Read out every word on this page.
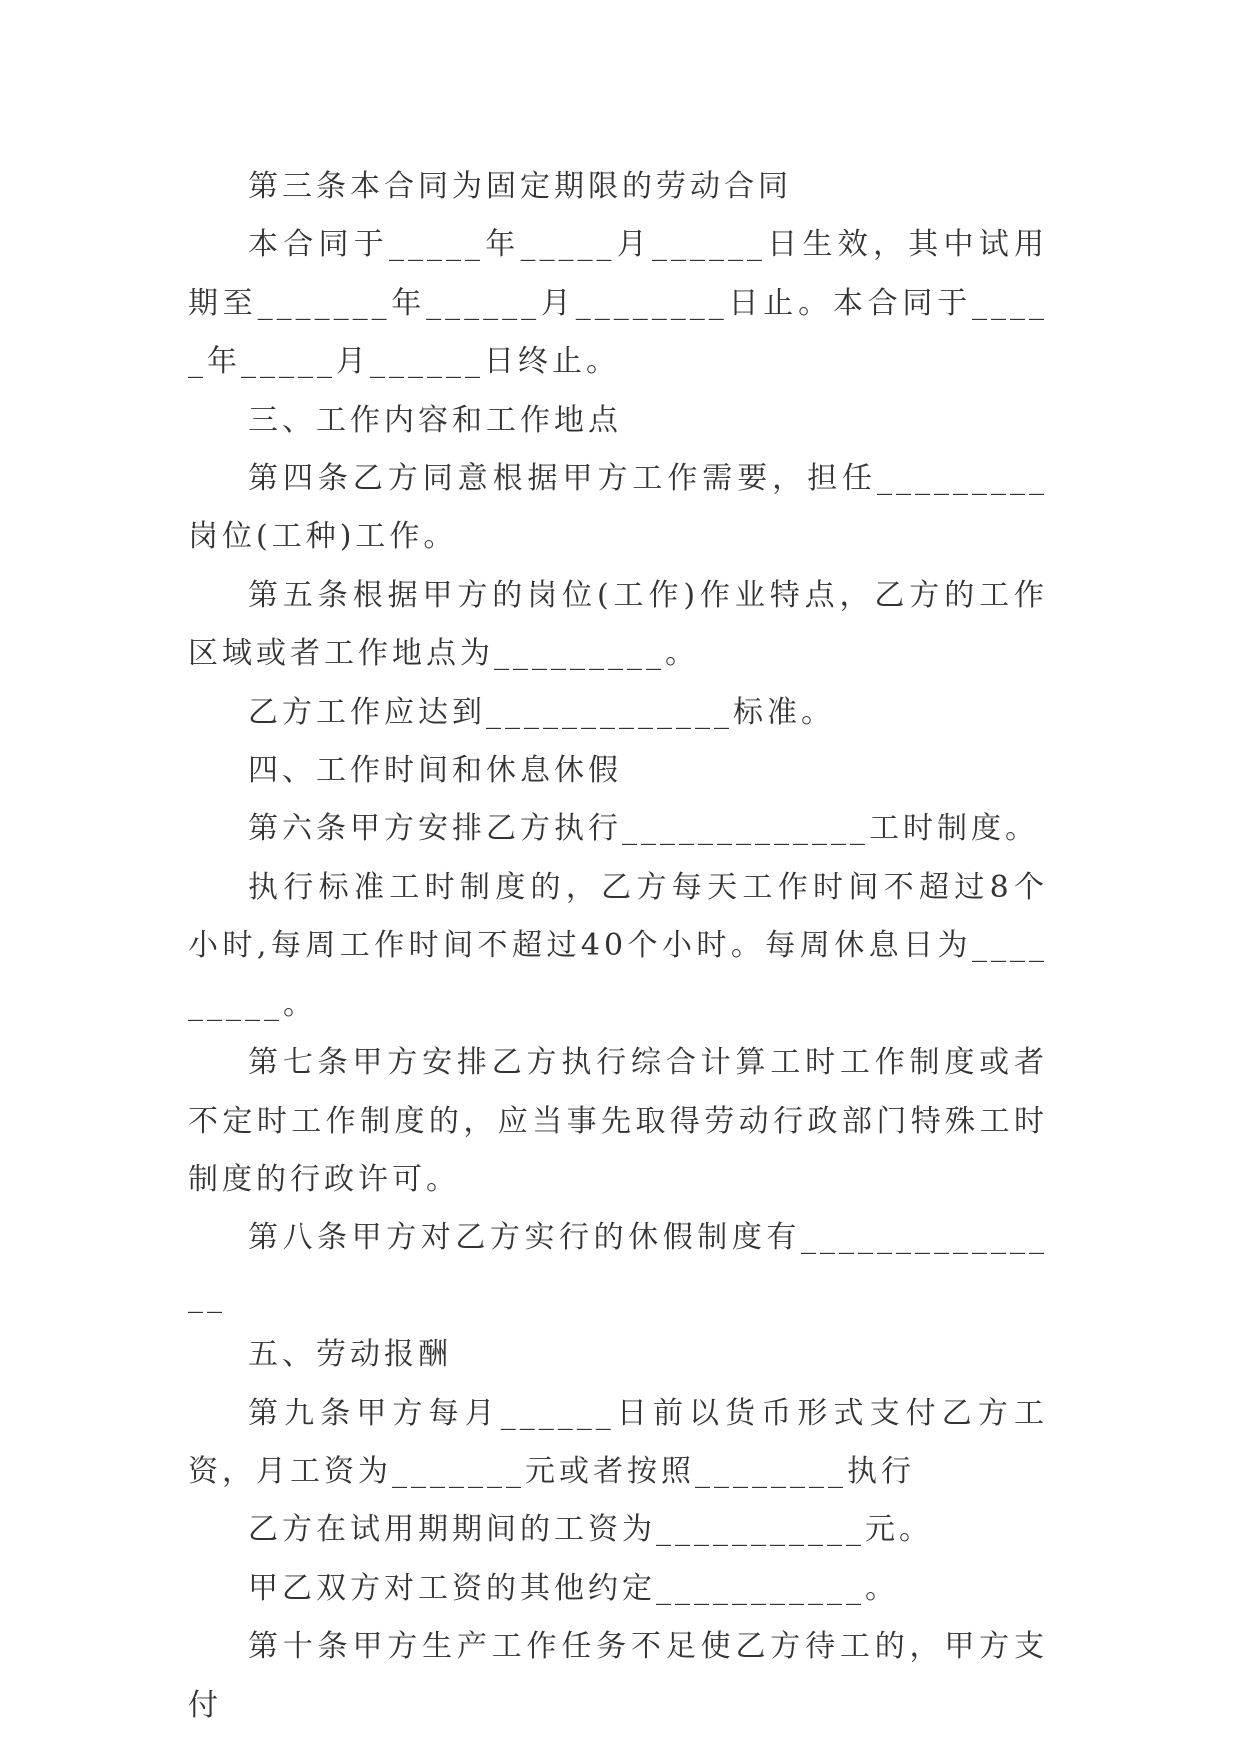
第三条本合同为固定期限的劳动合同

本合同于_____年_____月______日生效，其中试用期至_______年______月________日止。本合同于_____年_____月______日终止。

三、工作内容和工作地点

第四条乙方同意根据甲方工作需要，担任_________岗位(工种)工作。

第五条根据甲方的岗位(工作)作业特点，乙方的工作区域或者工作地点为_________。

乙方工作应达到_____________标准。

四、工作时间和休息休假

第六条甲方安排乙方执行_____________工时制度。

执行标准工时制度的，乙方每天工作时间不超过8个小时,每周工作时间不超过40个小时。每周休息日为_________。

第七条甲方安排乙方执行综合计算工时工作制度或者不定时工作制度的，应当事先取得劳动行政部门特殊工时制度的行政许可。

第八条甲方对乙方实行的休假制度有_______________

五、劳动报酬

第九条甲方每月______日前以货币形式支付乙方工资，月工资为_______元或者按照________执行

乙方在试用期期间的工资为___________元。

甲乙双方对工资的其他约定___________。

第十条甲方生产工作任务不足使乙方待工的，甲方支付
